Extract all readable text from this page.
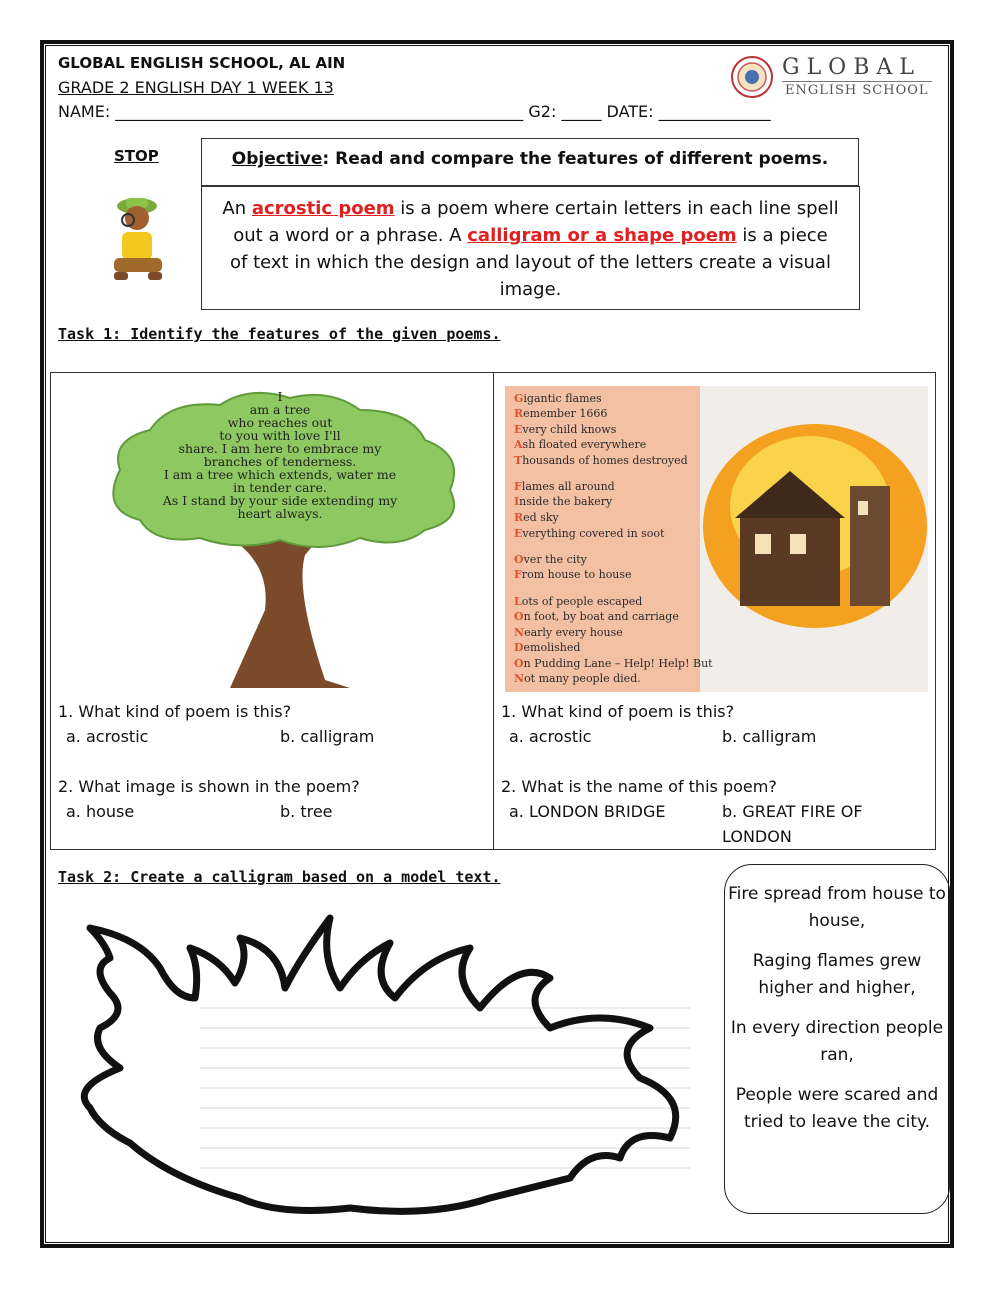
GLOBAL ENGLISH SCHOOL, AL AIN
GRADE 2 ENGLISH DAY 1 WEEK 13
NAME: ___________________________________________________ G2: _____ DATE: ______________
GLOBAL
ENGLISH SCHOOL
STOP	Objective: Read and compare the features of different poems.
An acrostic poem is a poem where certain letters in each line spell out a word or a phrase. A calligram or a shape poem is a piece of text in which the design and layout of the letters create a visual image.
Task 1: Identify the features of the given poems.
I
am a tree
who reaches out
to you with love I'll
share. I am here to embrace my
branches of tenderness.
I am a tree which extends, water me
in tender care.
As I stand by your side extending my
heart always.
Gigantic flames
Remember 1666
Every child knows
Ash floated everywhere
Thousands of homes destroyed
Flames all around
Inside the bakery
Red sky
Everything covered in soot
Over the city
From house to house
Lots of people escaped
On foot, by boat and carriage
Nearly every house
Demolished
On Pudding Lane – Help! Help! But
Not many people died.
1. What kind of poem is this?
a. acrostic	b. calligram
2. What image is shown in the poem?
a. house	b. tree
1. What kind of poem is this?
a. acrostic	b. calligram
2. What is the name of this poem?
a. LONDON BRIDGE	b. GREAT FIRE OF
LONDON
Task 2: Create a calligram based on a model text.

Fire spread from house to house,

Raging flames grew higher and higher,

In every direction people ran,

People were scared and tried to leave the city.
